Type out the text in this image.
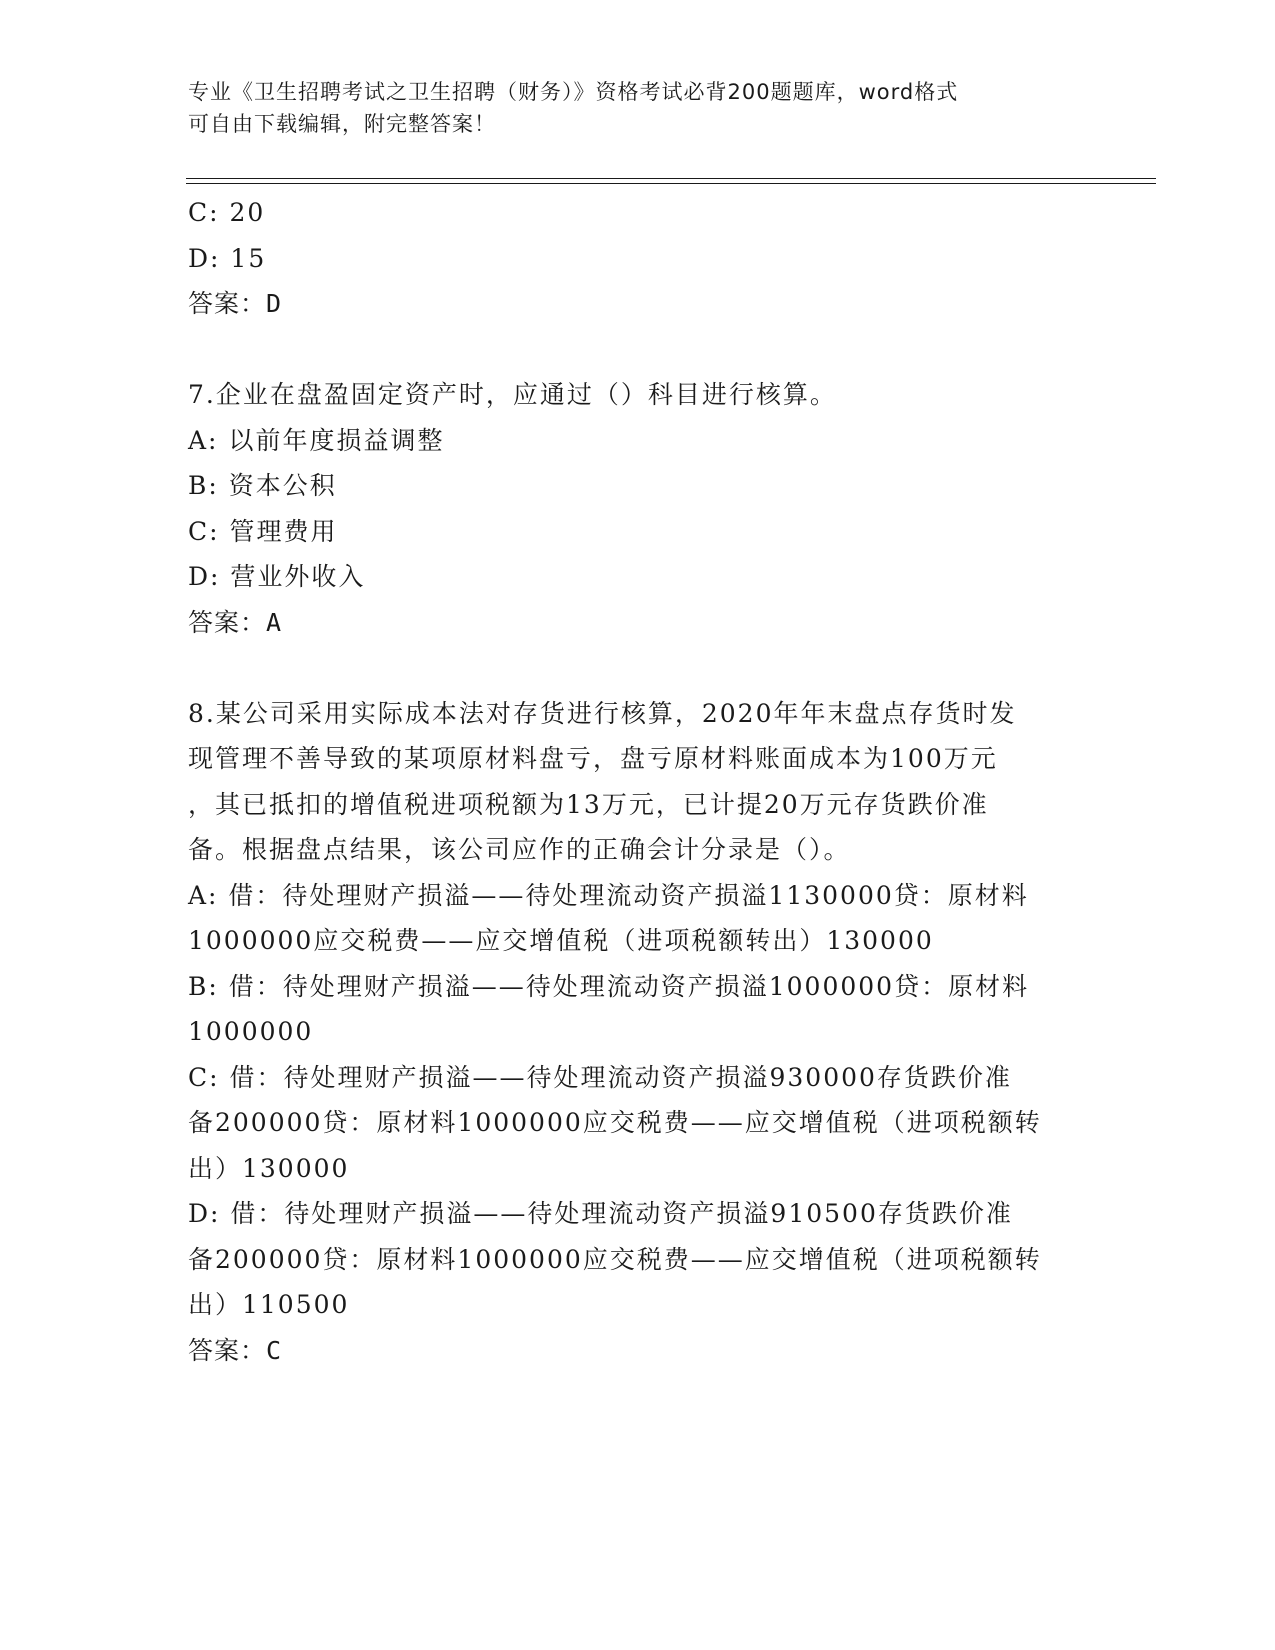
专业《卫生招聘考试之卫生招聘（财务）》资格考试必背200题题库，word格式
可自由下载编辑，附完整答案！
C: 20
D: 15
答案：D
7.企业在盘盈固定资产时，应通过（）科目进行核算。
A: 以前年度损益调整
B: 资本公积
C: 管理费用
D: 营业外收入
答案：A
8.某公司采用实际成本法对存货进行核算，2020年年末盘点存货时发
现管理不善导致的某项原材料盘亏，盘亏原材料账面成本为100万元
，其已抵扣的增值税进项税额为13万元，已计提20万元存货跌价准
备。根据盘点结果，该公司应作的正确会计分录是（）。
A: 借：待处理财产损溢——待处理流动资产损溢1130000贷：原材料
1000000应交税费——应交增值税（进项税额转出）130000
B: 借：待处理财产损溢——待处理流动资产损溢1000000贷：原材料
1000000
C: 借：待处理财产损溢——待处理流动资产损溢930000存货跌价准
备200000贷：原材料1000000应交税费——应交增值税（进项税额转
出）130000
D: 借：待处理财产损溢——待处理流动资产损溢910500存货跌价准
备200000贷：原材料1000000应交税费——应交增值税（进项税额转
出）110500
答案：C
